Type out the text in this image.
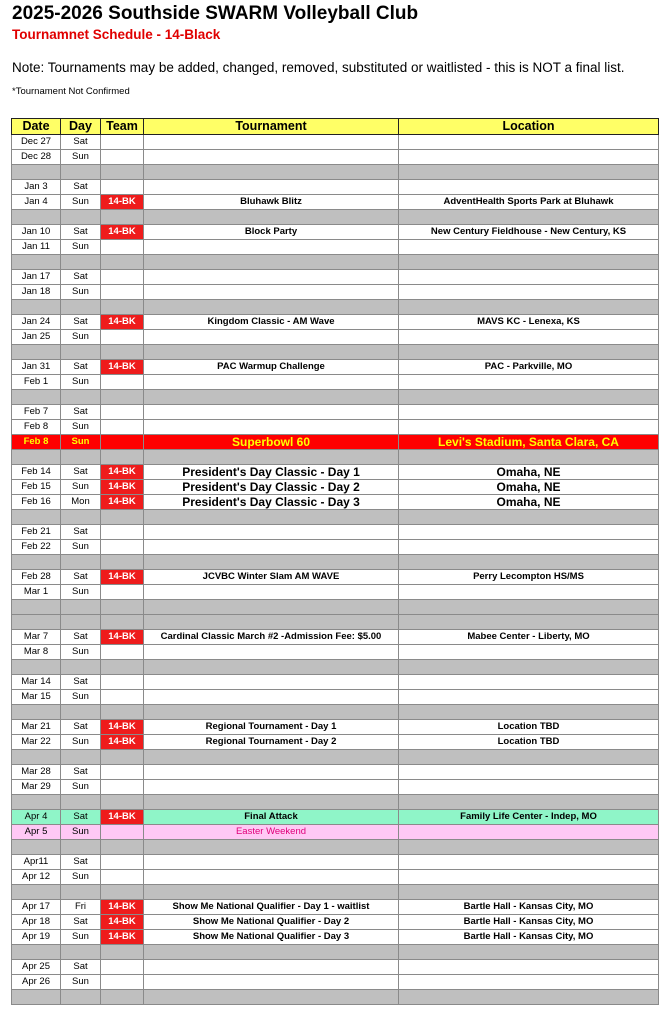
2025-2026 Southside SWARM Volleyball Club
Tournamnet Schedule - 14-Black
Note: Tournaments may be added, changed, removed, substituted or waitlisted - this is NOT a final list.
*Tournament Not Confirmed
Date	Day	Team	Tournament	Location
Dec 27	Sat			
Dec 28	Sun			

Jan 3	Sat			
Jan 4	Sun	14-BK	Bluhawk Blitz	AdventHealth Sports Park at Bluhawk

Jan 10	Sat	14-BK	Block Party	New Century Fieldhouse - New Century, KS
Jan 11	Sun			

Jan 17	Sat			
Jan 18	Sun			

Jan 24	Sat	14-BK	Kingdom Classic - AM Wave	MAVS KC - Lenexa, KS
Jan 25	Sun			

Jan 31	Sat	14-BK	PAC Warmup Challenge	PAC - Parkville, MO
Feb 1	Sun			

Feb 7	Sat			
Feb 8	Sun			
Feb 8	Sun		Superbowl 60	Levi's Stadium, Santa Clara, CA

Feb 14	Sat	14-BK	President's Day Classic - Day 1	Omaha, NE
Feb 15	Sun	14-BK	President's Day Classic - Day 2	Omaha, NE
Feb 16	Mon	14-BK	President's Day Classic - Day 3	Omaha, NE

Feb 21	Sat			
Feb 22	Sun			

Feb 28	Sat	14-BK	JCVBC Winter Slam AM WAVE	Perry Lecompton HS/MS
Mar 1	Sun			

Mar 7	Sat	14-BK	Cardinal Classic March #2 -Admission Fee: $5.00	Mabee Center - Liberty, MO
Mar 8	Sun			

Mar 14	Sat			
Mar 15	Sun			

Mar 21	Sat	14-BK	Regional Tournament - Day 1	Location TBD
Mar 22	Sun	14-BK	Regional Tournament - Day 2	Location TBD

Mar 28	Sat			
Mar 29	Sun			

Apr 4	Sat	14-BK	Final Attack	Family Life Center - Indep, MO
Apr 5	Sun		Easter Weekend	

Apr11	Sat			
Apr 12	Sun			

Apr 17	Fri	14-BK	Show Me National Qualifier - Day 1 - waitlist	Bartle Hall - Kansas City, MO
Apr 18	Sat	14-BK	Show Me National Qualifier - Day 2	Bartle Hall - Kansas City, MO
Apr 19	Sun	14-BK	Show Me National Qualifier - Day 3	Bartle Hall - Kansas City, MO

Apr 25	Sat			
Apr 26	Sun			
